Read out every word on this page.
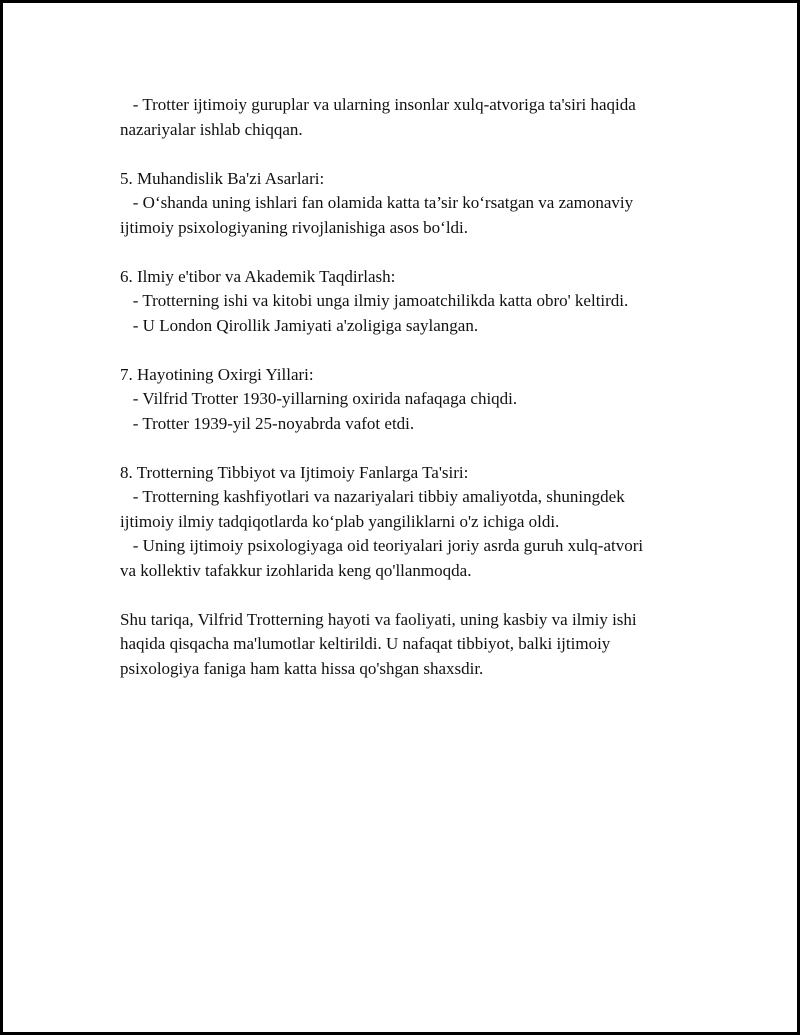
- Trotter ijtimoiy guruplar va ularning insonlar xulq-atvoriga ta'siri haqida
nazariyalar ishlab chiqqan.
5. Muhandislik Ba'zi Asarlari:
- O‘shanda uning ishlari fan olamida katta ta’sir ko‘rsatgan va zamonaviy
ijtimoiy psixologiyaning rivojlanishiga asos bo‘ldi.
6. Ilmiy e'tibor va Akademik Taqdirlash:
- Trotterning ishi va kitobi unga ilmiy jamoatchilikda katta obro' keltirdi.
- U London Qirollik Jamiyati a'zoligiga saylangan.
7. Hayotining Oxirgi Yillari:
- Vilfrid Trotter 1930-yillarning oxirida nafaqaga chiqdi.
- Trotter 1939-yil 25-noyabrda vafot etdi.
8. Trotterning Tibbiyot va Ijtimoiy Fanlarga Ta'siri:
- Trotterning kashfiyotlari va nazariyalari tibbiy amaliyotda, shuningdek
ijtimoiy ilmiy tadqiqotlarda ko‘plab yangiliklarni o'z ichiga oldi.
- Uning ijtimoiy psixologiyaga oid teoriyalari joriy asrda guruh xulq-atvori
va kollektiv tafakkur izohlarida keng qo'llanmoqda.
Shu tariqa, Vilfrid Trotterning hayoti va faoliyati, uning kasbiy va ilmiy ishi
haqida qisqacha ma'lumotlar keltirildi. U nafaqat tibbiyot, balki ijtimoiy
psixologiya faniga ham katta hissa qo'shgan shaxsdir.
